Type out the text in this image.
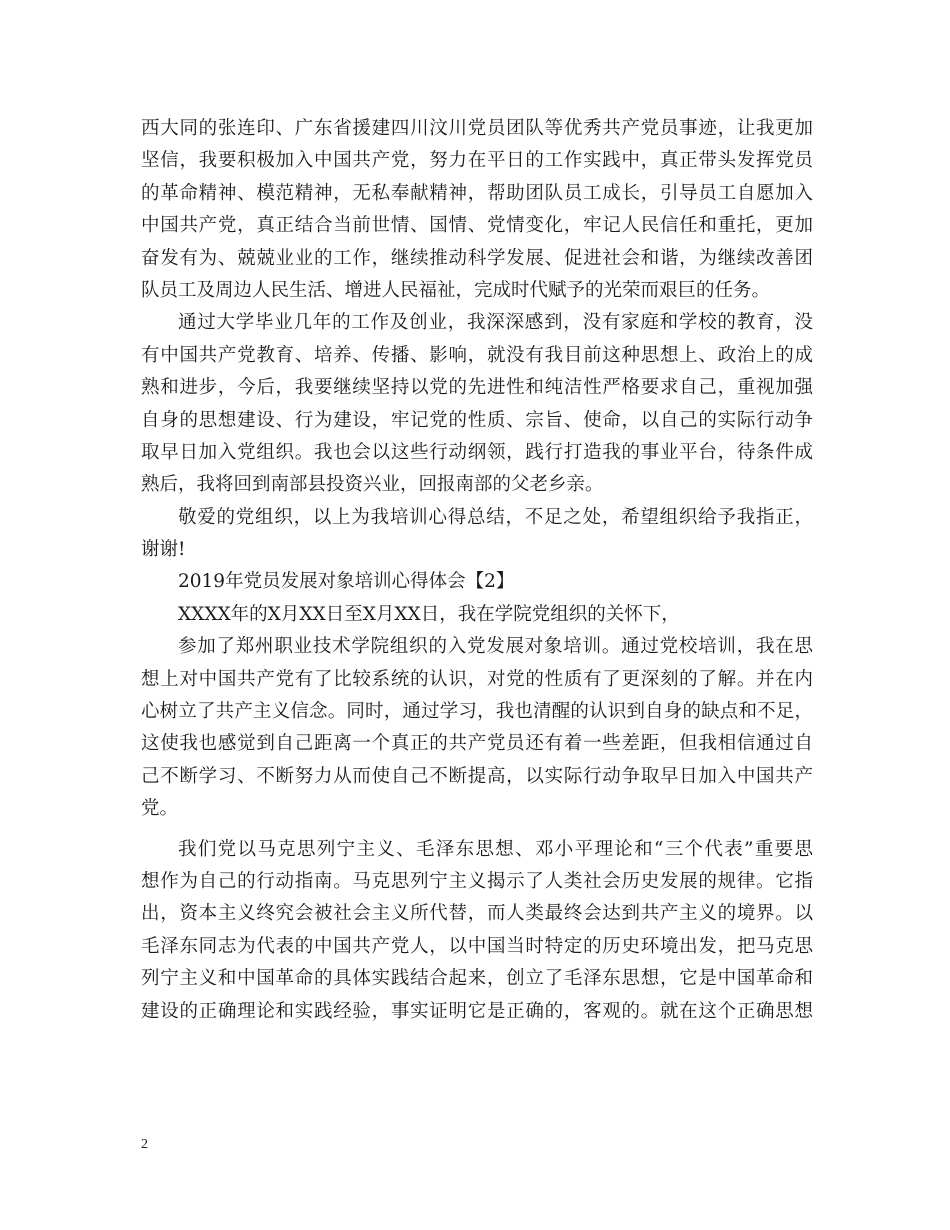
西大同的张连印、广东省援建四川汶川党员团队等优秀共产党员事迹，让我更加
坚信，我要积极加入中国共产党，努力在平日的工作实践中，真正带头发挥党员
的革命精神、模范精神，无私奉献精神，帮助团队员工成长，引导员工自愿加入
中国共产党，真正结合当前世情、国情、党情变化，牢记人民信任和重托，更加
奋发有为、兢兢业业的工作，继续推动科学发展、促进社会和谐，为继续改善团
队员工及周边人民生活、增进人民福祉，完成时代赋予的光荣而艰巨的任务。
通过大学毕业几年的工作及创业，我深深感到，没有家庭和学校的教育，没
有中国共产党教育、培养、传播、影响，就没有我目前这种思想上、政治上的成
熟和进步，今后，我要继续坚持以党的先进性和纯洁性严格要求自己，重视加强
自身的思想建设、行为建设，牢记党的性质、宗旨、使命，以自己的实际行动争
取早日加入党组织。我也会以这些行动纲领，践行打造我的事业平台，待条件成
熟后，我将回到南部县投资兴业，回报南部的父老乡亲。
敬爱的党组织，以上为我培训心得总结，不足之处，希望组织给予我指正，
谢谢!
2019年党员发展对象培训心得体会【2】
XXXX年的X月XX日至X月XX日，我在学院党组织的关怀下，
参加了郑州职业技术学院组织的入党发展对象培训。通过党校培训，我在思
想上对中国共产党有了比较系统的认识，对党的性质有了更深刻的了解。并在内
心树立了共产主义信念。同时，通过学习，我也清醒的认识到自身的缺点和不足，
这使我也感觉到自己距离一个真正的共产党员还有着一些差距，但我相信通过自
己不断学习、不断努力从而使自己不断提高，以实际行动争取早日加入中国共产
党。
我们党以马克思列宁主义、毛泽东思想、邓小平理论和“三个代表”重要思
想作为自己的行动指南。马克思列宁主义揭示了人类社会历史发展的规律。它指
出，资本主义终究会被社会主义所代替，而人类最终会达到共产主义的境界。以
毛泽东同志为代表的中国共产党人，以中国当时特定的历史环境出发，把马克思
列宁主义和中国革命的具体实践结合起来，创立了毛泽东思想，它是中国革命和
建设的正确理论和实践经验，事实证明它是正确的，客观的。就在这个正确思想
2
